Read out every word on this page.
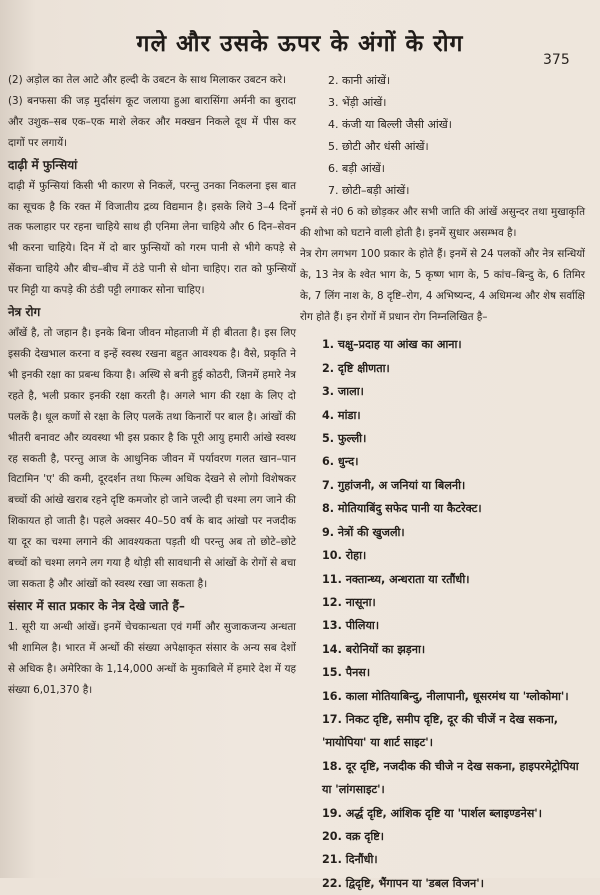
गले और उसके ऊपर के अंगों के रोग
375

(2) अड़ोल का तेल आटे और हल्दी के उबटन के साथ मिलाकर उबटन करे।

(3) बनफसा की जड़ मुर्दासंग कूट जलाया हुआ बारासिंगा अर्मनी का बुरादा और उशुक–सब एक–एक माशे लेकर और मक्खन निकले दूध में पीस कर दागों पर लगायें।

दाढ़ी में फुन्सियां

दाढ़ी में फुन्सियां किसी भी कारण से निकलें, परन्तु उनका निकलना इस बात का सूचक है कि रक्त में विजातीय द्रव्य विद्यमान है। इसके लिये 3–4 दिनों तक फलाहार पर रहना चाहिये साथ ही एनिमा लेना चाहिये और 6 दिन–सेवन भी करना चाहिये। दिन में दो बार फुन्सियों को गरम पानी से भीगे कपड़े से सेंकना चाहिये और बीच–बीच में ठंडे पानी से धोना चाहिए। रात को फुन्सियों पर मिट्टी या कपड़े की ठंडी पट्टी लगाकर सोना चाहिए।

नेत्र रोग

आँखें है, तो जहान है। इनके बिना जीवन मोहताजी में ही बीतता है। इस लिए इसकी देखभाल करना व इन्हें स्वस्थ रखना बहुत आवश्यक है। वैसे, प्रकृति ने भी इनकी रक्षा का प्रबन्ध किया है। अस्थि से बनी हुई कोठरी, जिनमें हमारे नेत्र रहते है, भली प्रकार इनकी रक्षा करती है। अगले भाग की रक्षा के लिए दो पलकें है। धूल कणों से रक्षा के लिए पलकें तथा किनारों पर बाल है। आंखों की भीतरी बनावट और व्यवस्था भी इस प्रकार है कि पूरी आयु हमारी आंखे स्वस्थ रह सकती है, परन्तु आज के आधुनिक जीवन में पर्यावरण गलत खान–पान विटामिन 'ए' की कमी, दूरदर्शन तथा फिल्म अधिक देखने से लोगो विशेषकर बच्चों की आंखे खराब रहने दृष्टि कमजोर हो जाने जल्दी ही चश्मा लग जाने की शिकायत हो जाती है। पहले अक्सर 40–50 वर्ष के बाद आंखो पर नजदीक या दूर का चश्मा लगाने की आवश्यकता पड़ती थी परन्तु अब तो छोटे–छोटे बच्चों को चश्मा लगने लग गया है थोड़ी सी सावधानी से आंखों के रोगों से बचा जा सकता है और आंखों को स्वस्थ रखा जा सकता है।

संसार में सात प्रकार के नेत्र देखे जाते हैं–

1. सूरी या अन्धी आंखें। इनमें चेचकान्धता एवं गर्मी और सुजाकजन्य अन्धता भी शामिल है। भारत में अन्धों की संख्या अपेक्षाकृत संसार के अन्य सब देशों से अधिक है। अमेरिका के 1,14,000 अन्धों के मुकाबिले में हमारे देश में यह संख्या 6,01,370 है।

2. कानी आंखें।
3. भेंड़ी आंखें।
4. कंजी या बिल्ली जैसी आंखें।
5. छोटी और धंसी आंखें।
6. बड़ी आंखें।
7. छोटी–बड़ी आंखें।

इनमें से नं0 6 को छोड़कर और सभी जाति की आंखें असुन्दर तथा मुखाकृति की शोभा को घटाने वाली होती है। इनमें सुधार असम्भव है।

नेत्र रोग लगभग 100 प्रकार के होते हैं। इनमें से 24 पलकों और नेत्र सन्धियों के, 13 नेत्र के श्वेत भाग के, 5 कृष्ण भाग के, 5 कांच–बिन्दु के, 6 तिमिर के, 7 लिंग नाश के, 8 दृष्टि–रोग, 4 अभिष्यन्द, 4 अधिमन्थ और शेष सर्वाक्षि रोग होते हैं। इन रोगों में प्रधान रोग निम्नलिखित है–

1. चक्षु–प्रदाह या आंख का आना।
2. दृष्टि क्षीणता।
3. जाला।
4. मांडा।
5. फुल्ली।
6. धुन्द।
7. गुहांजनी, अ जनियां या बिलनी।
8. मोतियाबिंदु सफेद पानी या कैटरेक्ट।
9. नेत्रों की खुजली।
10. रोहा।
11. नक्तान्ध्य, अन्धराता या रतौंधी।
12. नासूना।
13. पीलिया।
14. बरोनियों का झड़ना।
15. पैनस।
16. काला मोतियाबिन्दु, नीलापानी, धूसरमंथ या 'ग्लोकोमा'।
17. निकट दृष्टि, समीप दृष्टि, दूर की चीजें न देख सकना, 'मायोपिया' या शार्ट साइट'।
18. दूर दृष्टि, नजदीक की चीजे न देख सकना, हाइपरमेट्रोपिया या 'लांगसाइट'।
19. अर्द्ध दृष्टि, आंशिक दृष्टि या 'पार्शल ब्लाइण्डनेस'।
20. वक्र दृष्टि।
21. दिनौंधी।
22. द्विदृष्टि, भैंगापन या 'डबल विजन'।
